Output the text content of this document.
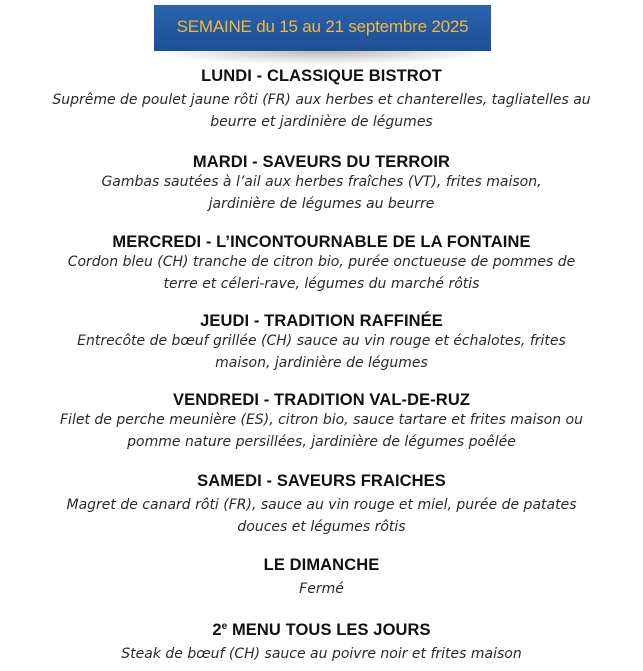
SEMAINE du 15 au 21 septembre 2025
LUNDI - CLASSIQUE BISTROT
Suprême de poulet jaune rôti (FR) aux herbes et chanterelles, tagliatelles au
beurre et jardinière de légumes
MARDI - SAVEURS DU TERROIR
Gambas sautées à l’ail aux herbes fraîches (VT), frites maison,
jardinière de légumes au beurre
MERCREDI - L’INCONTOURNABLE DE LA FONTAINE
Cordon bleu (CH) tranche de citron bio, purée onctueuse de pommes de
terre et céleri-rave, légumes du marché rôtis
JEUDI - TRADITION RAFFINÉE
Entrecôte de bœuf grillée (CH) sauce au vin rouge et échalotes, frites
maison, jardinière de légumes
VENDREDI - TRADITION VAL-DE-RUZ
Filet de perche meunière (ES), citron bio, sauce tartare et frites maison ou
pomme nature persillées, jardinière de légumes poêlée
SAMEDI - SAVEURS FRAICHES
Magret de canard rôti (FR), sauce au vin rouge et miel, purée de patates
douces et légumes rôtis
LE DIMANCHE
Fermé
2e MENU TOUS LES JOURS
Steak de bœuf (CH) sauce au poivre noir et frites maison
